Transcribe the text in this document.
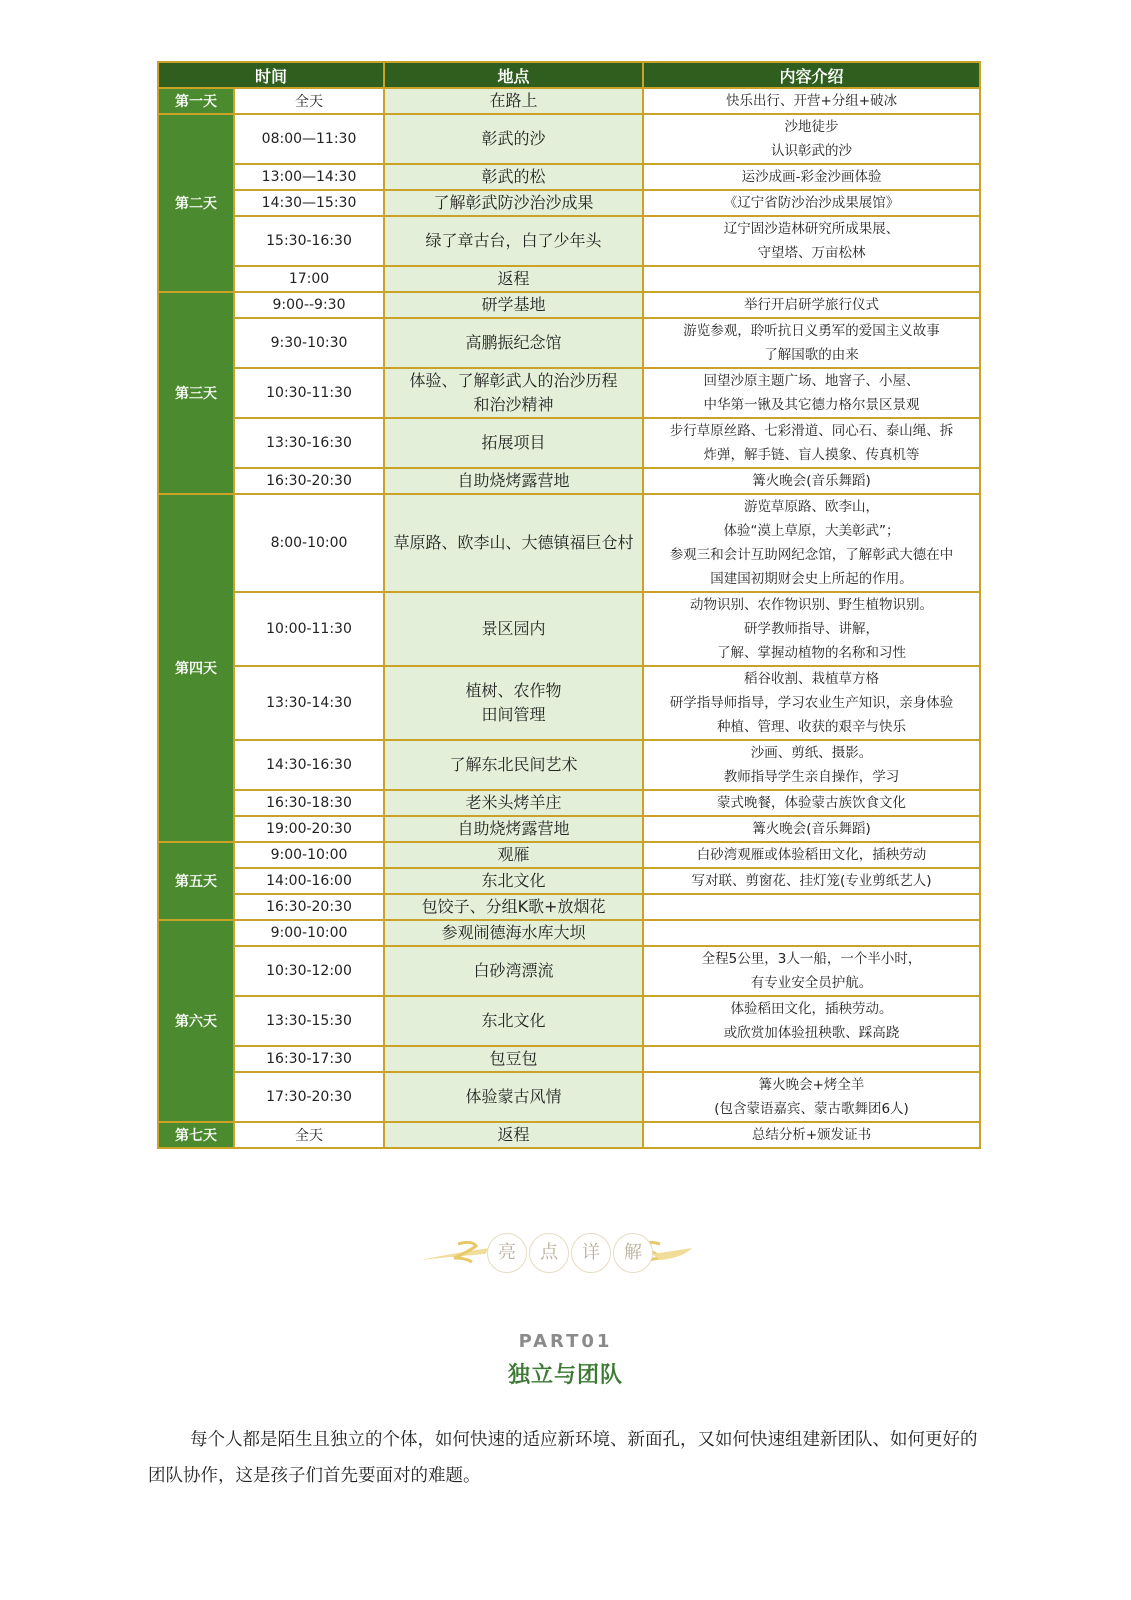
时间		地点	内容介绍
第一天	全天	在路上	快乐出行、开营+分组+破冰

第二天	08:00—11:30	彰武的沙	沙地徒步
认识彰武的沙

	13:00—14:30	彰武的松	运沙成画-彩金沙画体验

	14:30—15:30	了解彰武防沙治沙成果	《辽宁省防沙治沙成果展馆》

	15:30-16:30	绿了章古台，白了少年头	辽宁固沙造林研究所成果展、
守望塔、万亩松林

	17:00	返程	

第三天	9:00--9:30	研学基地	举行开启研学旅行仪式

	9:30-10:30	高鹏振纪念馆	游览参观，聆听抗日义勇军的爱国主义故事
了解国歌的由来

	10:30-11:30	体验、了解彰武人的治沙历程
和治沙精神	回望沙原主题广场、地窨子、小屋、
中华第一锹及其它德力格尔景区景观

	13:30-16:30	拓展项目	步行草原丝路、七彩滑道、同心石、泰山绳、拆
炸弹，解手链、盲人摸象、传真机等

	16:30-20:30	自助烧烤露营地	篝火晚会(音乐舞蹈)

第四天	8:00-10:00	草原路、欧李山、大德镇福巨仓村	游览草原路、欧李山，
体验“漠上草原，大美彰武”；
参观三和会计互助网纪念馆，了解彰武大德在中
国建国初期财会史上所起的作用。

	10:00-11:30	景区园内	动物识别、农作物识别、野生植物识别。
研学教师指导、讲解，
了解、掌握动植物的名称和习性

	13:30-14:30	植树、农作物
田间管理	稻谷收割、栽植草方格
研学指导师指导，学习农业生产知识，亲身体验
种植、管理、收获的艰辛与快乐

	14:30-16:30	了解东北民间艺术	沙画、剪纸、摄影。
教师指导学生亲自操作，学习

	16:30-18:30	老米头烤羊庄	蒙式晚餐，体验蒙古族饮食文化

	19:00-20:30	自助烧烤露营地	篝火晚会(音乐舞蹈)

第五天	9:00-10:00	观雁	白砂湾观雁或体验稻田文化，插秧劳动

	14:00-16:00	东北文化	写对联、剪窗花、挂灯笼(专业剪纸艺人)

	16:30-20:30	包饺子、分组K歌+放烟花	

第六天	9:00-10:00	参观闹德海水库大坝	

	10:30-12:00	白砂湾漂流	全程5公里，3人一船，一个半小时，
有专业安全员护航。

	13:30-15:30	东北文化	体验稻田文化，插秧劳动。
或欣赏加体验扭秧歌、踩高跷

	16:30-17:30	包豆包	

	17:30-20:30	体验蒙古风情	篝火晚会+烤全羊
(包含蒙语嘉宾、蒙古歌舞团6人)

第七天	全天	返程	总结分析+颁发证书
亮	点	详	解
PART01
独立与团队

每个人都是陌生且独立的个体，如何快速的适应新环境、新面孔，又如何快速组建新团队、如何更好的团队协作，这是孩子们首先要面对的难题。
